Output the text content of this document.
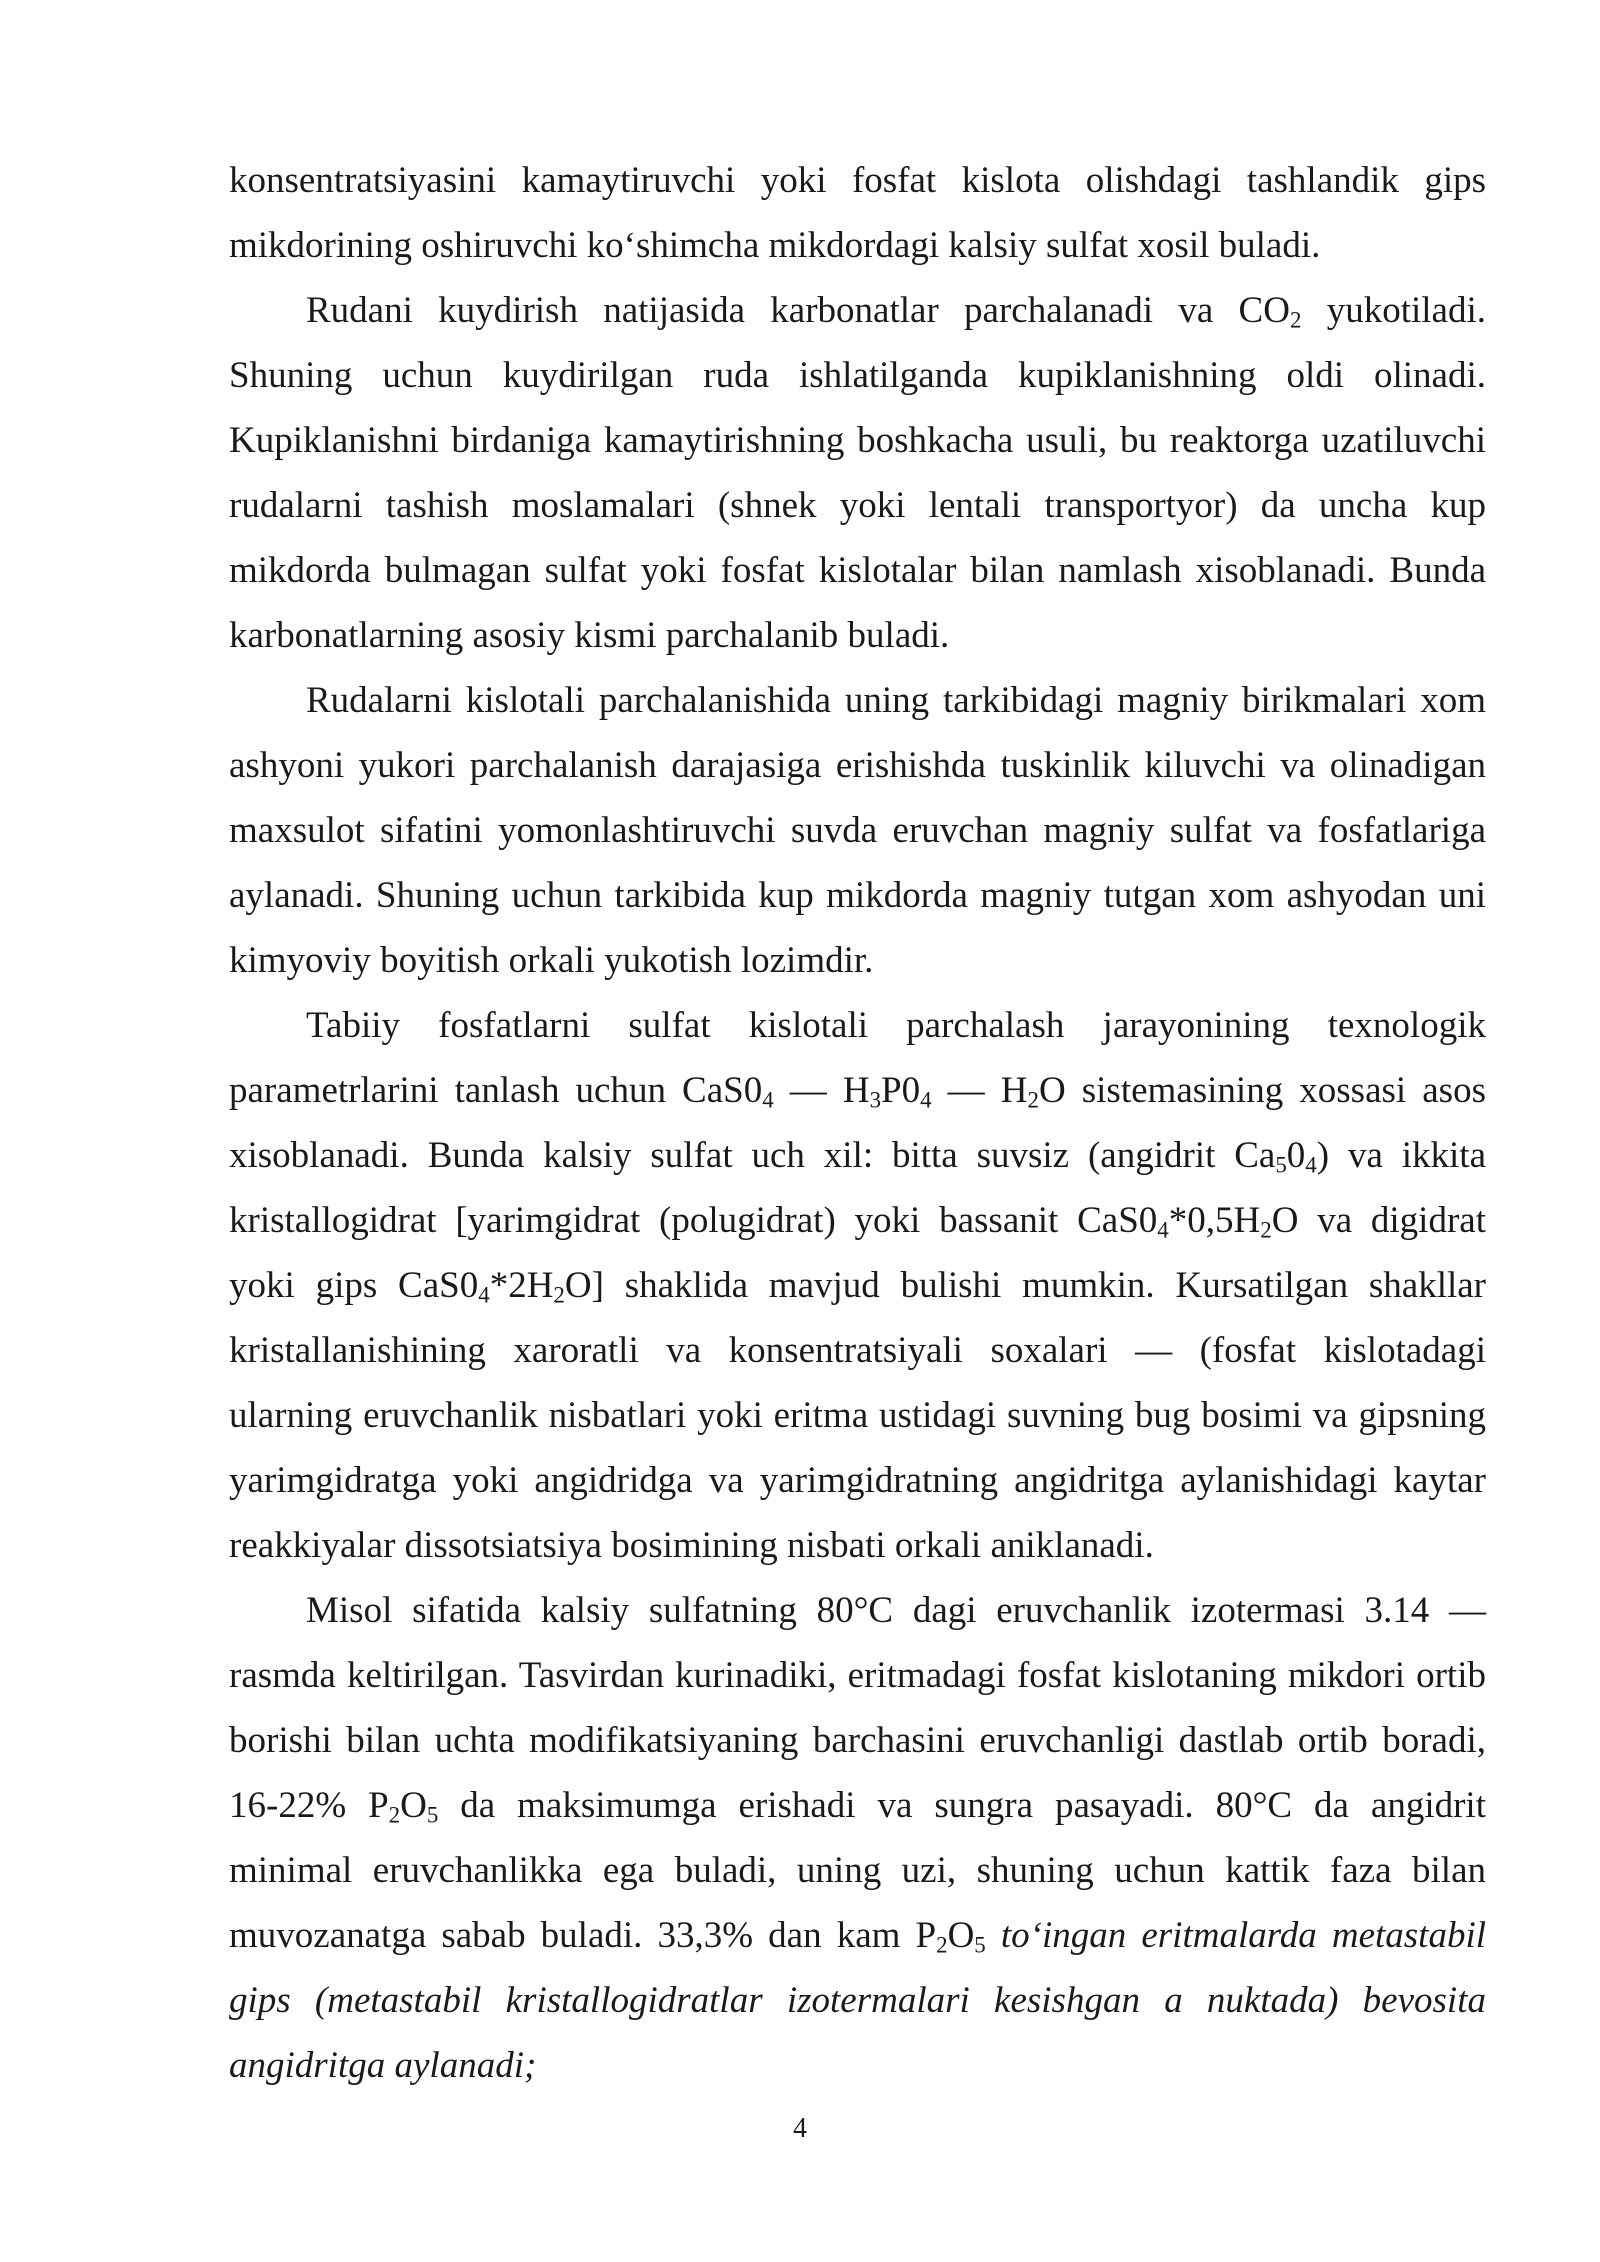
konsentratsiyasini kamaytiruvchi yoki fosfat kislota olishdagi tashlandik gips mikdorining oshiruvchi ko‘shimcha mikdordagi kalsiy sulfat xosil buladi.

Rudani kuydirish natijasida karbonatlar parchalanadi va $CO_2$ yukotiladi. Shuning uchun kuydirilgan ruda ishlatilganda kupiklanishning oldi olinadi. Kupiklanishni birdaniga kamaytirishning boshkacha usuli, bu reaktorga uzatiluvchi rudalarni tashish moslamalari (shnek yoki lentali transportyor) da uncha kup mikdorda bulmagan sulfat yoki fosfat kislotalar bilan namlash xisoblanadi. Bunda karbonatlarning asosiy kismi parchalanib buladi.

Rudalarni kislotali parchalanishida uning tarkibidagi magniy birikmalari xom ashyoni yukori parchalanish darajasiga erishishda tuskinlik kiluvchi va olinadigan maxsulot sifatini yomonlashtiruvchi suvda eruvchan magniy sulfat va fosfatlariga aylanadi. Shuning uchun tarkibida kup mikdorda magniy tutgan xom ashyodan uni kimyoviy boyitish orkali yukotish lozimdir.

Tabiiy fosfatlarni sulfat kislotali parchalash jarayonining texnologik parametrlarini tanlash uchun $CaS0_4$ — $H_3P0_4$ — $H_2O$ sistemasining xossasi asos xisoblanadi. Bunda kalsiy sulfat uch xil: bitta suvsiz (angidrit $Ca_50_4$) va ikkita kristallogidrat [yarimgidrat (polugidrat) yoki bassanit $CaS0_4*0,5H_2O$ va digidrat yoki gips $CaS0_4*2H_2O$] shaklida mavjud bulishi mumkin. Kursatilgan shakllar kristallanishining xaroratli va konsentratsiyali soxalari — (fosfat kislotadagi ularning eruvchanlik nisbatlari yoki eritma ustidagi suvning bug bosimi va gipsning yarimgidratga yoki angidridga va yarimgidratning angidritga aylanishidagi kaytar reakkiyalar dissotsiatsiya bosimining nisbati orkali aniklanadi.

Misol sifatida kalsiy sulfatning 80°C dagi eruvchanlik izotermasi 3.14 — rasmda keltirilgan. Tasvirdan kurinadiki, eritmadagi fosfat kislotaning mikdori ortib borishi bilan uchta modifikatsiyaning barchasini eruvchanligi dastlab ortib boradi, 16-22% $P_2O_5$ da maksimumga erishadi va sungra pasayadi. 80°C da angidrit minimal eruvchanlikka ega buladi, uning uzi, shuning uchun kattik faza bilan muvozanatga sabab buladi. 33,3% dan kam $P_2O_5$ to‘ingan eritmalarda metastabil gips (metastabil kristallogidratlar izotermalari kesishgan a nuktada) bevosita angidritga aylanadi;

4
